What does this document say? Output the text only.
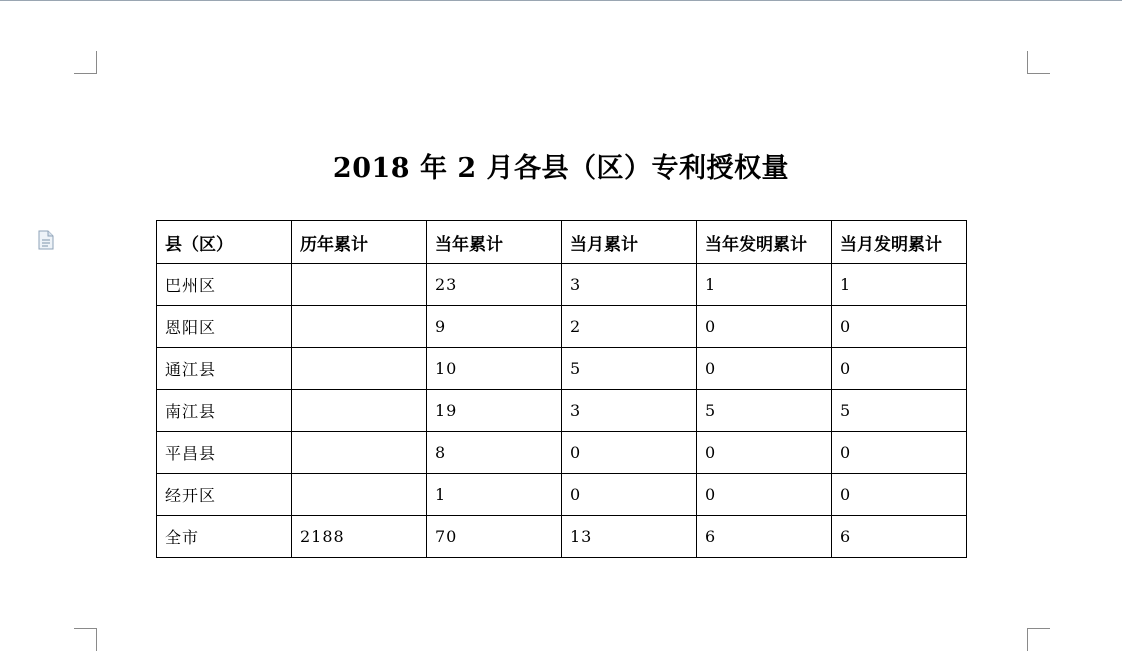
2018 年 2 月各县（区）专利授权量
县（区）	历年累计	当年累计	当月累计	当年发明累计	当月发明累计
巴州区		23	3	1	1
恩阳区		9	2	0	0
通江县		10	5	0	0
南江县		19	3	5	5
平昌县		8	0	0	0
经开区		1	0	0	0
全市	2188	70	13	6	6
